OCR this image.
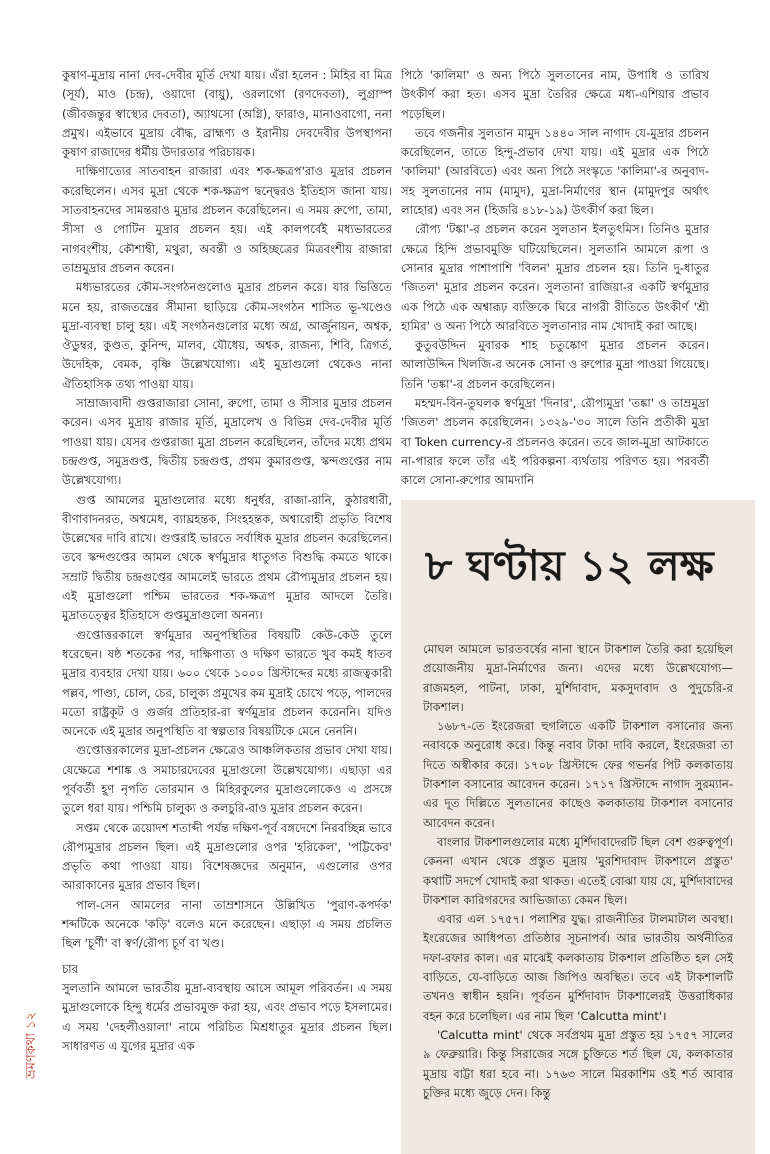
কুষাণ-মুদ্রায় নানা দেব-দেবীর মূর্তি দেখা যায়। এঁরা হলেন : মিহির বা মিত্র (সূর্য), মাও (চন্দ্র), ওয়াদো (বায়ু), ওরলাগো (রণদেবতা), লুগ্রাস্প (জীবজন্তুর স্বাস্থ্যের দেবতা), অ্যাথসো (অগ্নি), ফারাও, মানাওবাগো, ননা প্রমুখ। এইভাবে মুদ্রায় বৌদ্ধ, ব্রাহ্মণ্য ও ইরানীয় দেবদেবীর উপস্থাপনা কুষাণ রাজাদের ধর্মীয় উদারতার পরিচায়ক।

দাক্ষিণাত্যের সাতবাহন রাজারা এবং শক-ক্ষত্রপ'রাও মুদ্রার প্রচলন করেছিলেন। এসব মুদ্রা থেকে শক-ক্ষত্রপ দ্বন্দ্বেরও ইতিহাস জানা যায়। সাতবাহনদের সামন্তরাও মুদ্রার প্রচলন করেছিলেন। এ সময় রুপো, তামা, সীসা ও পোটিন মুদ্রার প্রচলন হয়। এই কালপর্বেই মধ্যভারতের নাগবংশীয়, কৌশাম্বী, মথুরা, অবন্তী ও অহিচ্ছত্রের মিত্রবংশীয় রাজারা তাম্রমুদ্রার প্রচলন করেন।

মধ্যভারতের কৌম-সংগঠনগুলোও মুদ্রার প্রচলন করে। যার ভিত্তিতে মনে হয়, রাজতন্ত্রের সীমানা ছাড়িয়ে কৌম-সংগঠন শাসিত ভূ-খণ্ডেও মুদ্রা-ব্যবস্থা চালু হয়। এই সংগঠনগুলোর মধ্যে অগ্র, আর্জুনায়ন, অশ্বক, ঔডুম্বর, কুণ্ডত, কুনিন্দ, মালব, যৌধেয়, অশ্বক, রাজন্য, শিবি, ত্রিগর্ত, উদেহিক, বেমক, বৃষ্ণি উল্লেখযোগ্য। এই মুদ্রাগুলো থেকেও নানা ঐতিহাসিক তথ্য পাওয়া যায়।

সাম্রাজ্যবাদী গুপ্তরাজারা সোনা, রুপো, তামা ও সীসার মুদ্রার প্রচলন করেন। এসব মুদ্রায় রাজার মূর্তি, মুদ্রালেখ ও বিভিন্ন দেব-দেবীর মূর্তি পাওয়া যায়। যেসব গুপ্তরাজা মুদ্রা প্রচলন করেছিলেন, তাঁদের মধ্যে প্রথম চন্দ্রগুপ্ত, সমুদ্রগুপ্ত, দ্বিতীয় চন্দ্রগুপ্ত, প্রথম কুমারগুপ্ত, স্কন্দগুপ্তের নাম উল্লেখযোগ্য।

গুপ্ত আমলের মুদ্রাগুলোর মধ্যে ধনুর্ধর, রাজা-রানি, কুঠারধারী, বীণাবাদনরত, অশ্বমেধ, ব্যাঘ্রহন্তক, সিংহহন্তক, অশ্বারোহী প্রভৃতি বিশেষ উল্লেখের দাবি রাখে। গুপ্তরাই ভারতে সর্বাধিক মুদ্রার প্রচলন করেছিলেন। তবে স্কন্দগুপ্তের আমল থেকে স্বর্ণমুদ্রার ধাতুগত বিশুদ্ধি কমতে থাকে। সম্রাট দ্বিতীয় চন্দ্রগুপ্তের আমলেই ভারতে প্রথম রৌপ্যমুদ্রার প্রচলন হয়। এই মুদ্রাগুলো পশ্চিম ভারতের শক-ক্ষত্রপ মুদ্রার আদলে তৈরি। মুদ্রাতত্ত্বের ইতিহাসে গুপ্তমুদ্রাগুলো অনন্য।

গুপ্তোত্তরকালে স্বর্ণমুদ্রার অনুপস্থিতির বিষয়টি কেউ-কেউ তুলে ধরেছেন। ষষ্ঠ শতকের পর, দাক্ষিণাত্য ও দক্ষিণ ভারতে খুব কমই ধাতব মুদ্রার ব্যবহার দেখা যায়। ৬০০ থেকে ১০০০ খ্রিস্টাব্দের মধ্যে রাজত্বকারী পল্লব, পাণ্ড্য, চোল, চের, চালুক্য প্রমুখের কম মুদ্রাই চোখে পড়ে, পালদের মতো রাষ্ট্রকূট ও গুর্জর প্রতিহার-রা স্বর্ণমুদ্রার প্রচলন করেননি। যদিও অনেকে এই মুদ্রার অনুপস্থিতি বা স্বল্পতার বিষয়টিকে মেনে নেননি।

গুপ্তোত্তরকালের মুদ্রা-প্রচলন ক্ষেত্রেও আঞ্চলিকতার প্রভাব দেখা যায়। যেক্ষেত্রে শশাঙ্ক ও সমাচারদেবের মুদ্রাগুলো উল্লেখযোগ্য। এছাড়া এর পূর্ববর্তী হূণ নৃপতি তোরমান ও মিহিরকুলের মুদ্রাগুলোকেও এ প্রসঙ্গে তুলে ধরা যায়। পশ্চিমি চালুক্য ও কলচুরি-রাও মুদ্রার প্রচলন করেন।

সপ্তম থেকে ত্রয়োদশ শতাব্দী পর্যন্ত দক্ষিণ-পূর্ব বঙ্গদেশে নিরবচ্ছিন্ন ভাবে রৌপ্যমুদ্রার প্রচলন ছিল। এই মুদ্রাগুলোর ওপর 'হরিকেল', 'পট্টিকের' প্রভৃতি কথা পাওয়া যায়। বিশেষজ্ঞদের অনুমান, এগুলোর ওপর আরাকানের মুদ্রার প্রভাব ছিল।

পাল-সেন আমলের নানা তাম্রশাসনে উল্লিখিত 'পুরাণ-কপর্দক' শব্দটিকে অনেকে 'কড়ি' বলেও মনে করেছেন। এছাড়া এ সময় প্রচলিত ছিল 'চূর্ণী' বা স্বর্ণ/রৌপ্য চূর্ণ বা খণ্ড।

চার

সুলতানি আমলে ভারতীয় মুদ্রা-ব্যবস্থায় আসে আমূল পরিবর্তন। এ সময় মুদ্রাগুলোকে হিন্দু ধর্মের প্রভাবমুক্ত করা হয়, এবং প্রভাব পড়ে ইসলামের। এ সময় 'দেহলীওয়ালা' নামে পরিচিত মিশ্রধাতুর মুদ্রার প্রচলন ছিল। সাধারণত এ যুগের মুদ্রার এক

পিঠে 'কালিমা' ও অন্য পিঠে সুলতানের নাম, উপাধি ও তারিখ উৎকীর্ণ করা হত। এসব মুদ্রা তৈরির ক্ষেত্রে মধ্য-এশিয়ার প্রভাব পড়েছিল।

তবে গজনীর সুলতান মামুদ ১৪৪০ সাল নাগাদ যে-মুদ্রার প্রচলন করেছিলেন, তাতে হিন্দু-প্রভাব দেখা যায়। এই মুদ্রার এক পিঠে 'কালিমা' (আরবিতে) এবং অন্য পিঠে সংস্কৃতে 'কালিমা'-র অনুবাদ-সহ সুলতানের নাম (মামুদ), মুদ্রা-নির্মাণের স্থান (মামুদপুর অর্থাৎ লাহোর) এবং সন (হিজরি ৪১৮-১৯) উৎকীর্ণ করা ছিল।

রৌপ্য 'টঙ্কা'-র প্রচলন করেন সুলতান ইলতুৎমিস। তিনিও মুদ্রার ক্ষেত্রে হিন্দি প্রভাবমুক্তি ঘটিয়েছিলেন। সুলতানি আমলে রূপা ও সোনার মুদ্রার পাশাপাশি 'বিলন' মুদ্রার প্রচলন হয়। তিনি দু-ধাতুর 'জিতল' মুদ্রার প্রচলন করেন। সুলতানা রাজিয়া-র একটি স্বর্ণমুদ্রার এক পিঠে এক অশ্বারূঢ় ব্যক্তিকে ঘিরে নাগরী রীতিতে উৎকীর্ণ 'শ্রী হামির' ও অন্য পিঠে আরবিতে সুলতানার নাম খোদাই করা আছে।

কুতুবউদ্দিন মুবারক শাহ চতুষ্কোণ মুদ্রার প্রচলন করেন। আলাউদ্দিন খিলজি-র অনেক সোনা ও রুপোর মুদ্রা পাওয়া গিয়েছে। তিনি 'তঙ্কা'-র প্রচলন করেছিলেন।

মহম্মদ-বিন-তুঘলক স্বর্ণমুদ্রা 'দিনার', রৌপ্যমুদ্রা 'তঙ্কা' ও তাম্রমুদ্রা 'জিতল' প্রচলন করেছিলেন। ১৩২৯-'৩০ সালে তিনি প্রতীকী মুদ্রা বা Token currency-র প্রচলনও করেন। তবে জাল-মুদ্রা আটকাতে না-পারার ফলে তাঁর এই পরিকল্পনা ব্যর্থতায় পরিণত হয়। পরবর্তী কালে সোনা-রুপোর আমদানি

৮ ঘণ্টায় ১২ লক্ষ

মোঘল আমলে ভারতবর্ষের নানা স্থানে টাকশাল তৈরি করা হয়েছিল প্রয়োজনীয় মুদ্রা-নির্মাণের জন্য। এদের মধ্যে উল্লেখযোগ্য—রাজমহল, পাটনা, ঢাকা, মুর্শিদাবাদ, মকসুদাবাদ ও পুদুচেরি-র টাকশাল।

১৬৮৭-তে ইংরেজরা হুগলিতে একটি টাকশাল বসানোর জন্য নবাবকে অনুরোধ করে। কিন্তু নবাব টাকা দাবি করলে, ইংরেজরা তা দিতে অস্বীকার করে। ১৭০৮ খ্রিস্টাব্দে ফের গভর্নর পিট কলকাতায় টাকশাল বসানোর আবেদন করেন। ১৭১৭ খ্রিস্টাব্দে নাগাদ সুরম্যান-এর দূত দিল্লিতে সুলতানের কাছেও কলকাতায় টাকশাল বসানোর আবেদন করেন।

বাংলার টাকশালগুলোর মধ্যে মুর্শিদাবাদেরটি ছিল বেশ গুরুত্বপূর্ণ। কেননা এখান থেকে প্রস্তুত মুদ্রায় 'মুরশিদাবাদ টাকশালে প্রস্তুত' কথাটি সদর্পে খোদাই করা থাকত। এতেই বোঝা যায় যে, মুর্শিদাবাদের টাকশাল কারিগরদের আভিজাত্য কেমন ছিল।

এবার এল ১৭৫৭। পলাশির যুদ্ধ। রাজনীতির টালমাটাল অবস্থা। ইংরেজের আধিপত্য প্রতিষ্ঠার সূচনাপর্ব। আর ভারতীয় অর্থনীতির দফা-রফার কাল। এর মাঝেই কলকাতায় টাকশাল প্রতিষ্ঠিত হল সেই বাড়িতে, যে-বাড়িতে আজ জিপিও অবস্থিত। তবে এই টাকশালটি তখনও স্বাধীন হয়নি। পূর্বতন মুর্শিদাবাদ টাকশালেরই উত্তরাধিকার বহন করে চলেছিল। এর নাম ছিল 'Calcutta mint'।

'Calcutta mint' থেকে সর্বপ্রথম মুদ্রা প্রস্তুত হয় ১৭৫৭ সালের ৯ ফেব্রুয়ারি। কিন্তু সিরাজের সঙ্গে চুক্তিতে শর্ত ছিল যে, কলকাতার মুদ্রায় বাট্টা ধরা হবে না। ১৭৬৩ সালে মিরকাশিম ওই শর্ত আবার চুক্তির মধ্যে জুড়ে দেন। কিন্তু

ভ্রমণকথা ১২
